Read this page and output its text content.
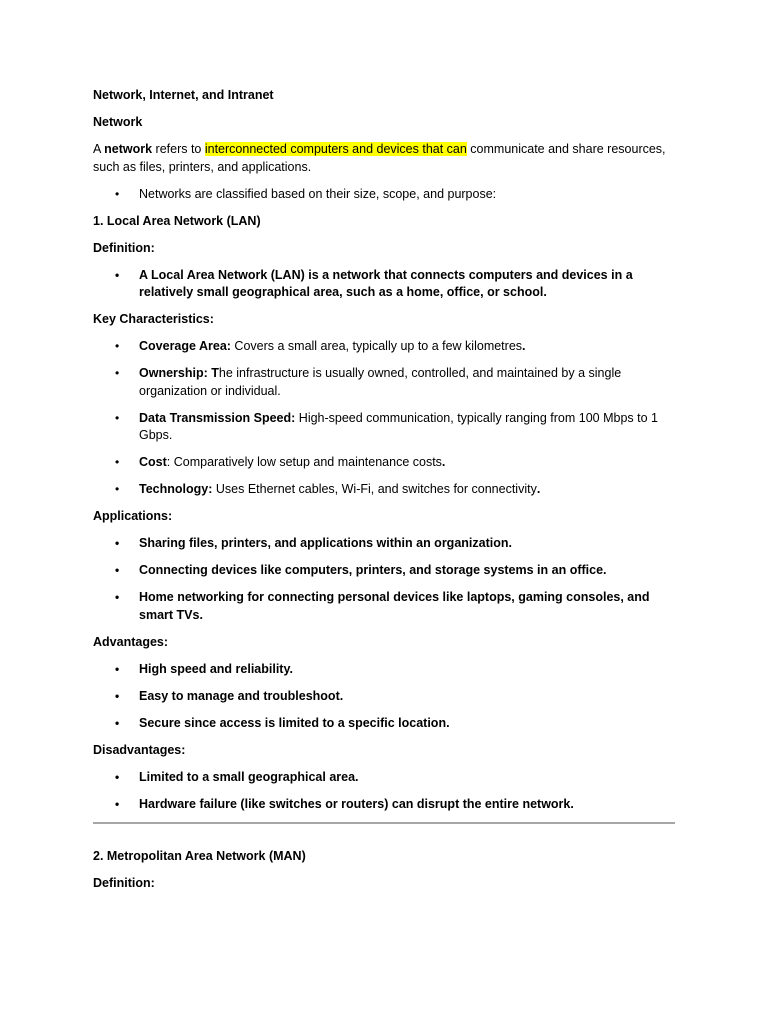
Network, Internet, and Intranet

Network

A network refers to interconnected computers and devices that can communicate and share resources, such as files, printers, and applications.

• Networks are classified based on their size, scope, and purpose:

1. Local Area Network (LAN)

Definition:

• A Local Area Network (LAN) is a network that connects computers and devices in a relatively small geographical area, such as a home, office, or school.

Key Characteristics:

• Coverage Area: Covers a small area, typically up to a few kilometres.
• Ownership: The infrastructure is usually owned, controlled, and maintained by a single organization or individual.
• Data Transmission Speed: High-speed communication, typically ranging from 100 Mbps to 1 Gbps.
• Cost: Comparatively low setup and maintenance costs.
• Technology: Uses Ethernet cables, Wi-Fi, and switches for connectivity.

Applications:

• Sharing files, printers, and applications within an organization.
• Connecting devices like computers, printers, and storage systems in an office.
• Home networking for connecting personal devices like laptops, gaming consoles, and smart TVs.

Advantages:

• High speed and reliability.
• Easy to manage and troubleshoot.
• Secure since access is limited to a specific location.

Disadvantages:

• Limited to a small geographical area.
• Hardware failure (like switches or routers) can disrupt the entire network.

2. Metropolitan Area Network (MAN)

Definition:
